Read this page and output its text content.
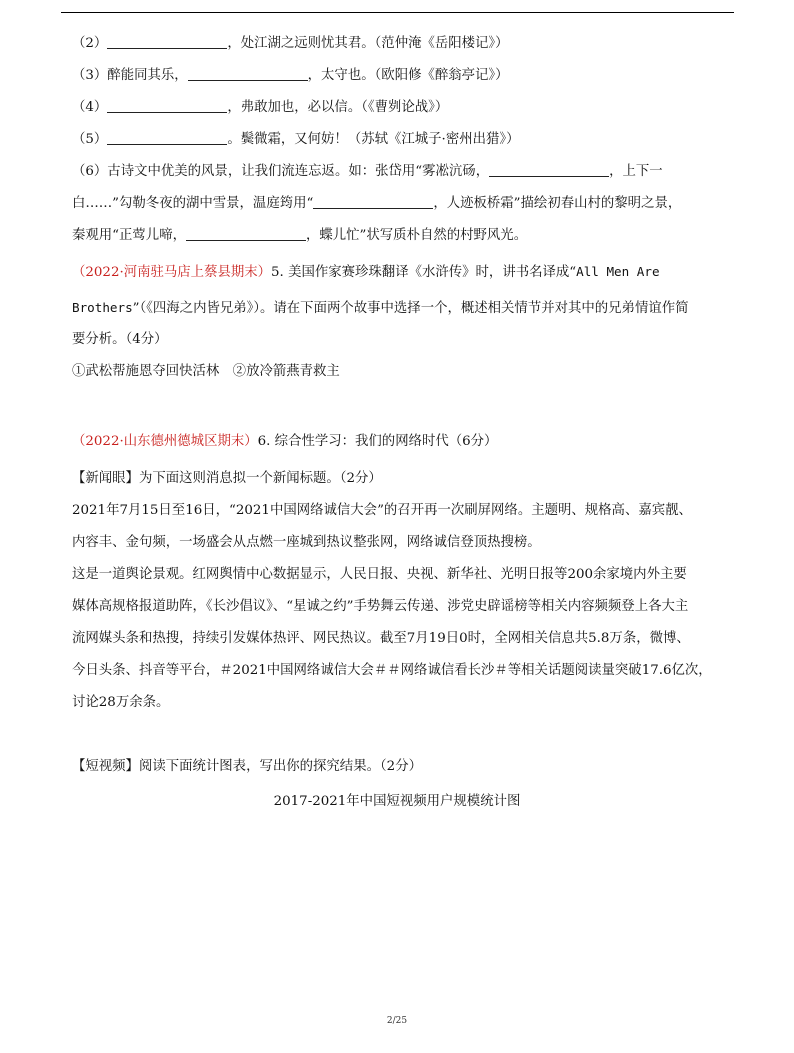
（2）	，处江湖之远则忧其君。（范仲淹《岳阳楼记》）
（3）醉能同其乐，	，太守也。（欧阳修《醉翁亭记》）
（4）	，弗敢加也，必以信。（《曹刿论战》）
（5）	。鬓微霜，又何妨！（苏轼《江城子·密州出猎》）
（6）古诗文中优美的风景，让我们流连忘返。如：张岱用“雾凇沆砀，	，上下一
白……”勾勒冬夜的湖中雪景，温庭筠用“	，人迹板桥霜”描绘初春山村的黎明之景，
秦观用“正莺儿啼，	，蝶儿忙”状写质朴自然的村野风光。
（2022·河南驻马店上蔡县期末）5. 美国作家赛珍珠翻译《水浒传》时，讲书名译成“All Men Are
Brothers”（《四海之内皆兄弟》）。请在下面两个故事中选择一个，概述相关情节并对其中的兄弟情谊作简
要分析。（4分）
①武松帮施恩夺回快活林　②放冷箭燕青救主
（2022·山东德州德城区期末）6. 综合性学习：我们的网络时代（6分）
【新闻眼】为下面这则消息拟一个新闻标题。（2分）
2021年7月15日至16日，“2021中国网络诚信大会”的召开再一次刷屏网络。主题明、规格高、嘉宾靓、
内容丰、金句频，一场盛会从点燃一座城到热议整张网，网络诚信登顶热搜榜。
这是一道舆论景观。红网舆情中心数据显示，人民日报、央视、新华社、光明日报等200余家境内外主要
媒体高规格报道助阵，《长沙倡议》、“星诚之约”手势舞云传递、涉党史辟谣榜等相关内容频频登上各大主
流网媒头条和热搜，持续引发媒体热评、网民热议。截至7月19日0时，全网相关信息共5.8万条，微博、
今日头条、抖音等平台，＃2021中国网络诚信大会＃＃网络诚信看长沙＃等相关话题阅读量突破17.6亿次，
讨论28万余条。
【短视频】阅读下面统计图表，写出你的探究结果。（2分）
2017-2021年中国短视频用户规模统计图
2/25
